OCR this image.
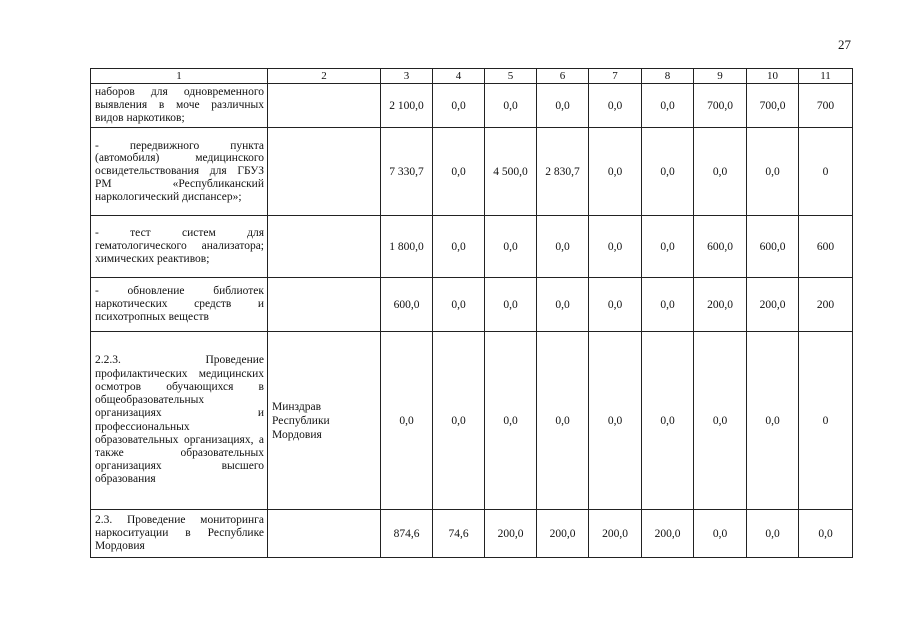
27
1	2	3	4	5	6	7	8	9	10	11
наборов для одновременного выявления в моче различных видов наркотиков;		2 100,0	0,0	0,0	0,0	0,0	0,0	700,0	700,0	700
- передвижного пункта (автомобиля) медицинского освидетельствования для ГБУЗ РМ «Республиканский наркологический диспансер»;		7 330,7	0,0	4 500,0	2 830,7	0,0	0,0	0,0	0,0	0
- тест систем для гематологического анализатора; химических реактивов;		1 800,0	0,0	0,0	0,0	0,0	0,0	600,0	600,0	600
- обновление библиотек наркотических средств и психотропных веществ		600,0	0,0	0,0	0,0	0,0	0,0	200,0	200,0	200
2.2.3. Проведение профилактических медицинских осмотров обучающихся в общеобразовательных организациях и профессиональных образовательных организациях, а также образовательных организациях высшего образования	Минздрав Республики Мордовия	0,0	0,0	0,0	0,0	0,0	0,0	0,0	0,0	0
2.3. Проведение мониторинга наркоситуации в Республике Мордовия		874,6	74,6	200,0	200,0	200,0	200,0	0,0	0,0	0,0
